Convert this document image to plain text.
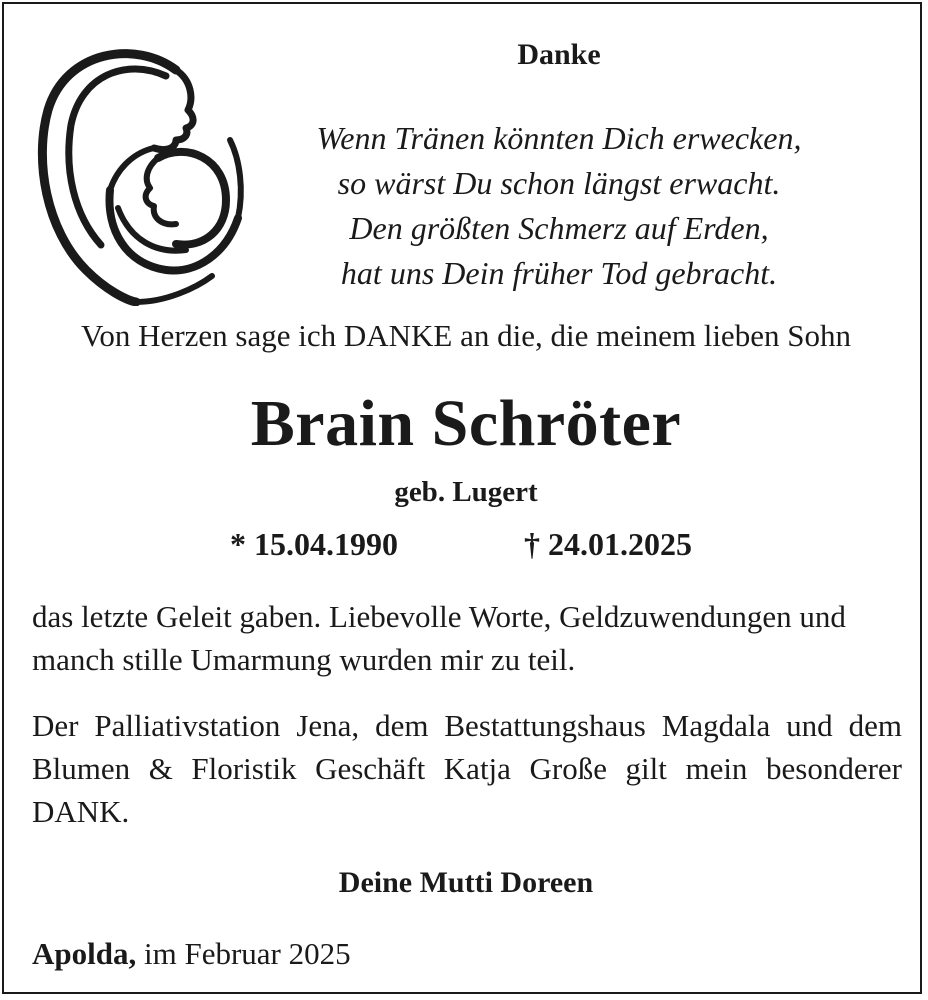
Danke
Wenn Tränen könnten Dich erwecken,
so wärst Du schon längst erwacht.
Den größten Schmerz auf Erden,
hat uns Dein früher Tod gebracht.
Von Herzen sage ich DANKE an die, die meinem lieben Sohn
Brain Schröter
geb. Lugert
* 15.04.1990	† 24.01.2025
das letzte Geleit gaben. Liebevolle Worte, Geldzuwendungen und manch stille Umarmung wurden mir zu teil.
Der Palliativstation Jena, dem Bestattungshaus Magdala und dem Blumen & Floristik Geschäft Katja Große gilt mein besonderer DANK.
Deine Mutti Doreen
Apolda, im Februar 2025
